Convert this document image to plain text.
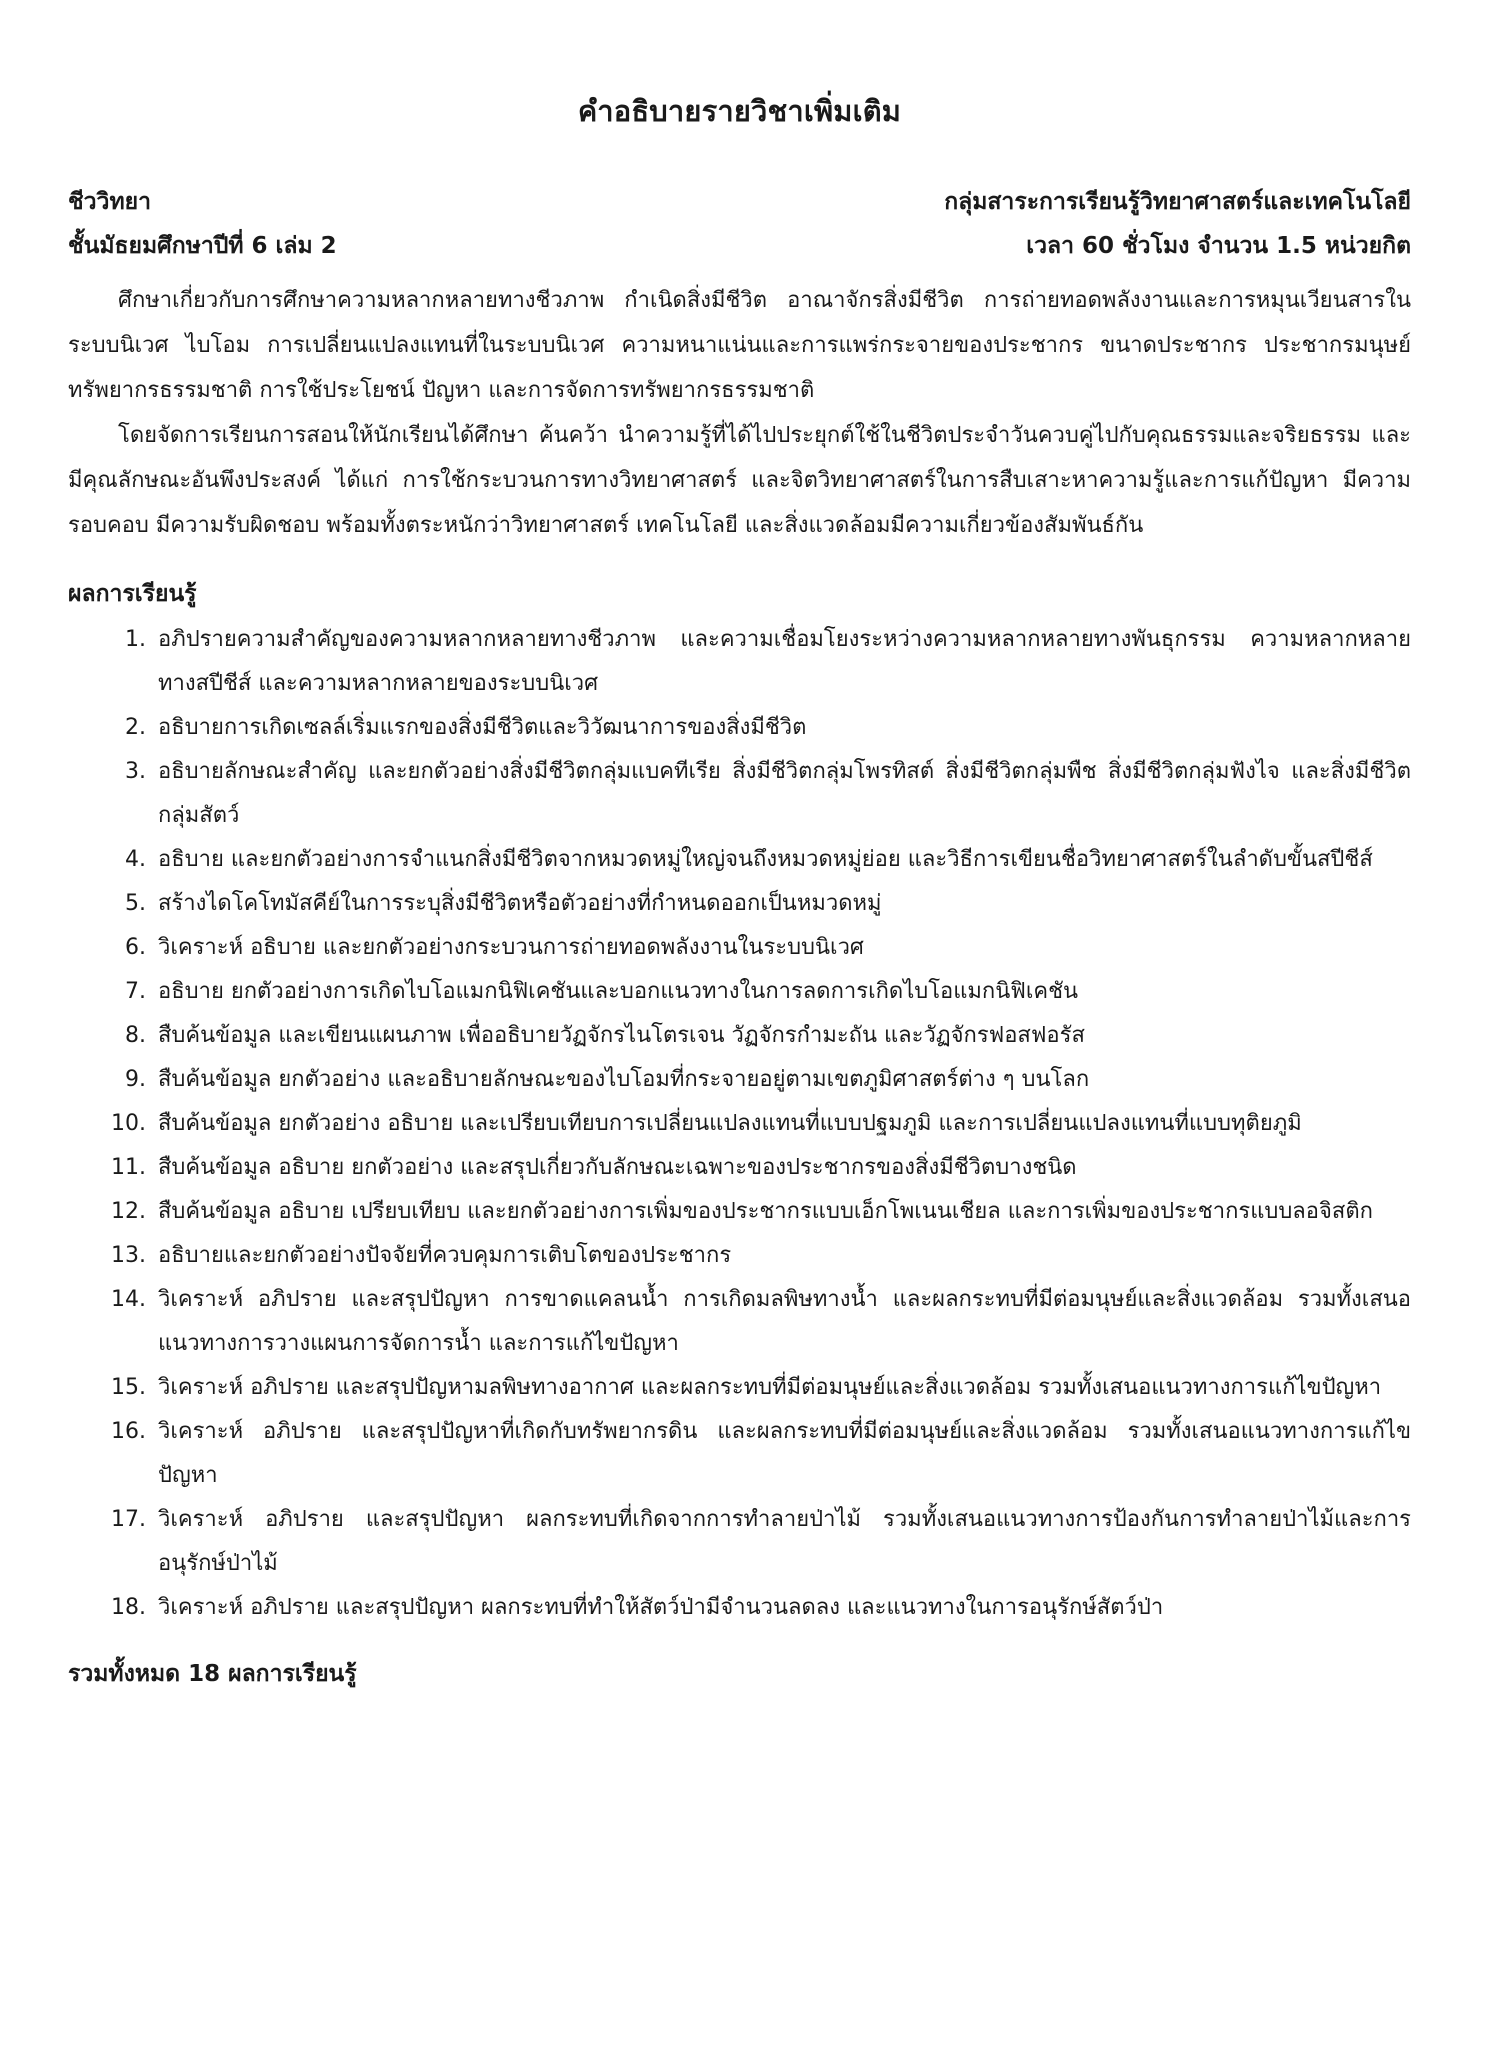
คำอธิบายรายวิชาเพิ่มเติม
ชีววิทยา	กลุ่มสาระการเรียนรู้วิทยาศาสตร์และเทคโนโลยี
ชั้นมัธยมศึกษาปีที่ 6 เล่ม 2	เวลา 60 ชั่วโมง จำนวน 1.5 หน่วยกิต

ศึกษาเกี่ยวกับการศึกษาความหลากหลายทางชีวภาพ กำเนิดสิ่งมีชีวิต อาณาจักรสิ่งมีชีวิต การถ่ายทอดพลังงานและการหมุนเวียนสารในระบบนิเวศ ไบโอม การเปลี่ยนแปลงแทนที่ในระบบนิเวศ ความหนาแน่นและการแพร่กระจายของประชากร ขนาดประชากร ประชากรมนุษย์ ทรัพยากรธรรมชาติ การใช้ประโยชน์ ปัญหา และการจัดการทรัพยากรธรรมชาติ

โดยจัดการเรียนการสอนให้นักเรียนได้ศึกษา ค้นคว้า นำความรู้ที่ได้ไปประยุกต์ใช้ในชีวิตประจำวันควบคู่ไปกับคุณธรรมและจริยธรรม และมีคุณลักษณะอันพึงประสงค์ ได้แก่ การใช้กระบวนการทางวิทยาศาสตร์ และจิตวิทยาศาสตร์ในการสืบเสาะหาความรู้และการแก้ปัญหา มีความรอบคอบ มีความรับผิดชอบ พร้อมทั้งตระหนักว่าวิทยาศาสตร์ เทคโนโลยี และสิ่งแวดล้อมมีความเกี่ยวข้องสัมพันธ์กัน

ผลการเรียนรู้
1. อภิปรายความสำคัญของความหลากหลายทางชีวภาพ และความเชื่อมโยงระหว่างความหลากหลายทางพันธุกรรม ความหลากหลายทางสปีชีส์ และความหลากหลายของระบบนิเวศ
2. อธิบายการเกิดเซลล์เริ่มแรกของสิ่งมีชีวิตและวิวัฒนาการของสิ่งมีชีวิต
3. อธิบายลักษณะสำคัญ และยกตัวอย่างสิ่งมีชีวิตกลุ่มแบคทีเรีย สิ่งมีชีวิตกลุ่มโพรทิสต์ สิ่งมีชีวิตกลุ่มพืช สิ่งมีชีวิตกลุ่มฟังไจ และสิ่งมีชีวิตกลุ่มสัตว์
4. อธิบาย และยกตัวอย่างการจำแนกสิ่งมีชีวิตจากหมวดหมู่ใหญ่จนถึงหมวดหมู่ย่อย และวิธีการเขียนชื่อวิทยาศาสตร์ในลำดับขั้นสปีชีส์
5. สร้างไดโคโทมัสคีย์ในการระบุสิ่งมีชีวิตหรือตัวอย่างที่กำหนดออกเป็นหมวดหมู่
6. วิเคราะห์ อธิบาย และยกตัวอย่างกระบวนการถ่ายทอดพลังงานในระบบนิเวศ
7. อธิบาย ยกตัวอย่างการเกิดไบโอแมกนิฟิเคชันและบอกแนวทางในการลดการเกิดไบโอแมกนิฟิเคชัน
8. สืบค้นข้อมูล และเขียนแผนภาพ เพื่ออธิบายวัฏจักรไนโตรเจน วัฏจักรกำมะถัน และวัฏจักรฟอสฟอรัส
9. สืบค้นข้อมูล ยกตัวอย่าง และอธิบายลักษณะของไบโอมที่กระจายอยู่ตามเขตภูมิศาสตร์ต่าง ๆ บนโลก
10. สืบค้นข้อมูล ยกตัวอย่าง อธิบาย และเปรียบเทียบการเปลี่ยนแปลงแทนที่แบบปฐมภูมิ และการเปลี่ยนแปลงแทนที่แบบทุติยภูมิ
11. สืบค้นข้อมูล อธิบาย ยกตัวอย่าง และสรุปเกี่ยวกับลักษณะเฉพาะของประชากรของสิ่งมีชีวิตบางชนิด
12. สืบค้นข้อมูล อธิบาย เปรียบเทียบ และยกตัวอย่างการเพิ่มของประชากรแบบเอ็กโพเนนเชียล และการเพิ่มของประชากรแบบลอจิสติก
13. อธิบายและยกตัวอย่างปัจจัยที่ควบคุมการเติบโตของประชากร
14. วิเคราะห์ อภิปราย และสรุปปัญหา การขาดแคลนน้ำ การเกิดมลพิษทางน้ำ และผลกระทบที่มีต่อมนุษย์และสิ่งแวดล้อม รวมทั้งเสนอแนวทางการวางแผนการจัดการน้ำ และการแก้ไขปัญหา
15. วิเคราะห์ อภิปราย และสรุปปัญหามลพิษทางอากาศ และผลกระทบที่มีต่อมนุษย์และสิ่งแวดล้อม รวมทั้งเสนอแนวทางการแก้ไขปัญหา
16. วิเคราะห์ อภิปราย และสรุปปัญหาที่เกิดกับทรัพยากรดิน และผลกระทบที่มีต่อมนุษย์และสิ่งแวดล้อม รวมทั้งเสนอแนวทางการแก้ไขปัญหา
17. วิเคราะห์ อภิปราย และสรุปปัญหา ผลกระทบที่เกิดจากการทำลายป่าไม้ รวมทั้งเสนอแนวทางการป้องกันการทำลายป่าไม้และการอนุรักษ์ป่าไม้
18. วิเคราะห์ อภิปราย และสรุปปัญหา ผลกระทบที่ทำให้สัตว์ป่ามีจำนวนลดลง และแนวทางในการอนุรักษ์สัตว์ป่า
รวมทั้งหมด 18 ผลการเรียนรู้
